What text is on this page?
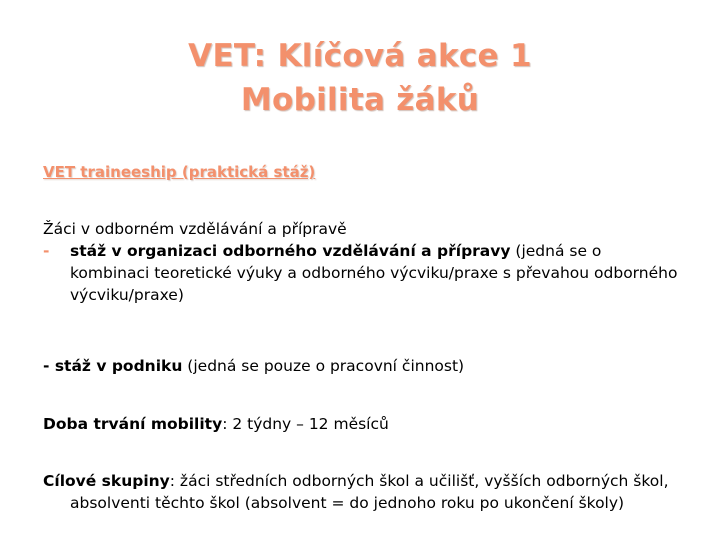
VET: Klíčová akce 1
Mobilita žáků
VET traineeship (praktická stáž)
Žáci v odborném vzdělávání a přípravě
- stáž v organizaci odborného vzdělávání a přípravy (jedná se o kombinaci teoretické výuky a odborného výcviku/praxe s převahou odborného výcviku/praxe)
- stáž v podniku (jedná se pouze o pracovní činnost)
Doba trvání mobility: 2 týdny – 12 měsíců
Cílové skupiny: žáci středních odborných škol a učilišť, vyšších odborných škol, absolventi těchto škol (absolvent = do jednoho roku po ukončení školy)
